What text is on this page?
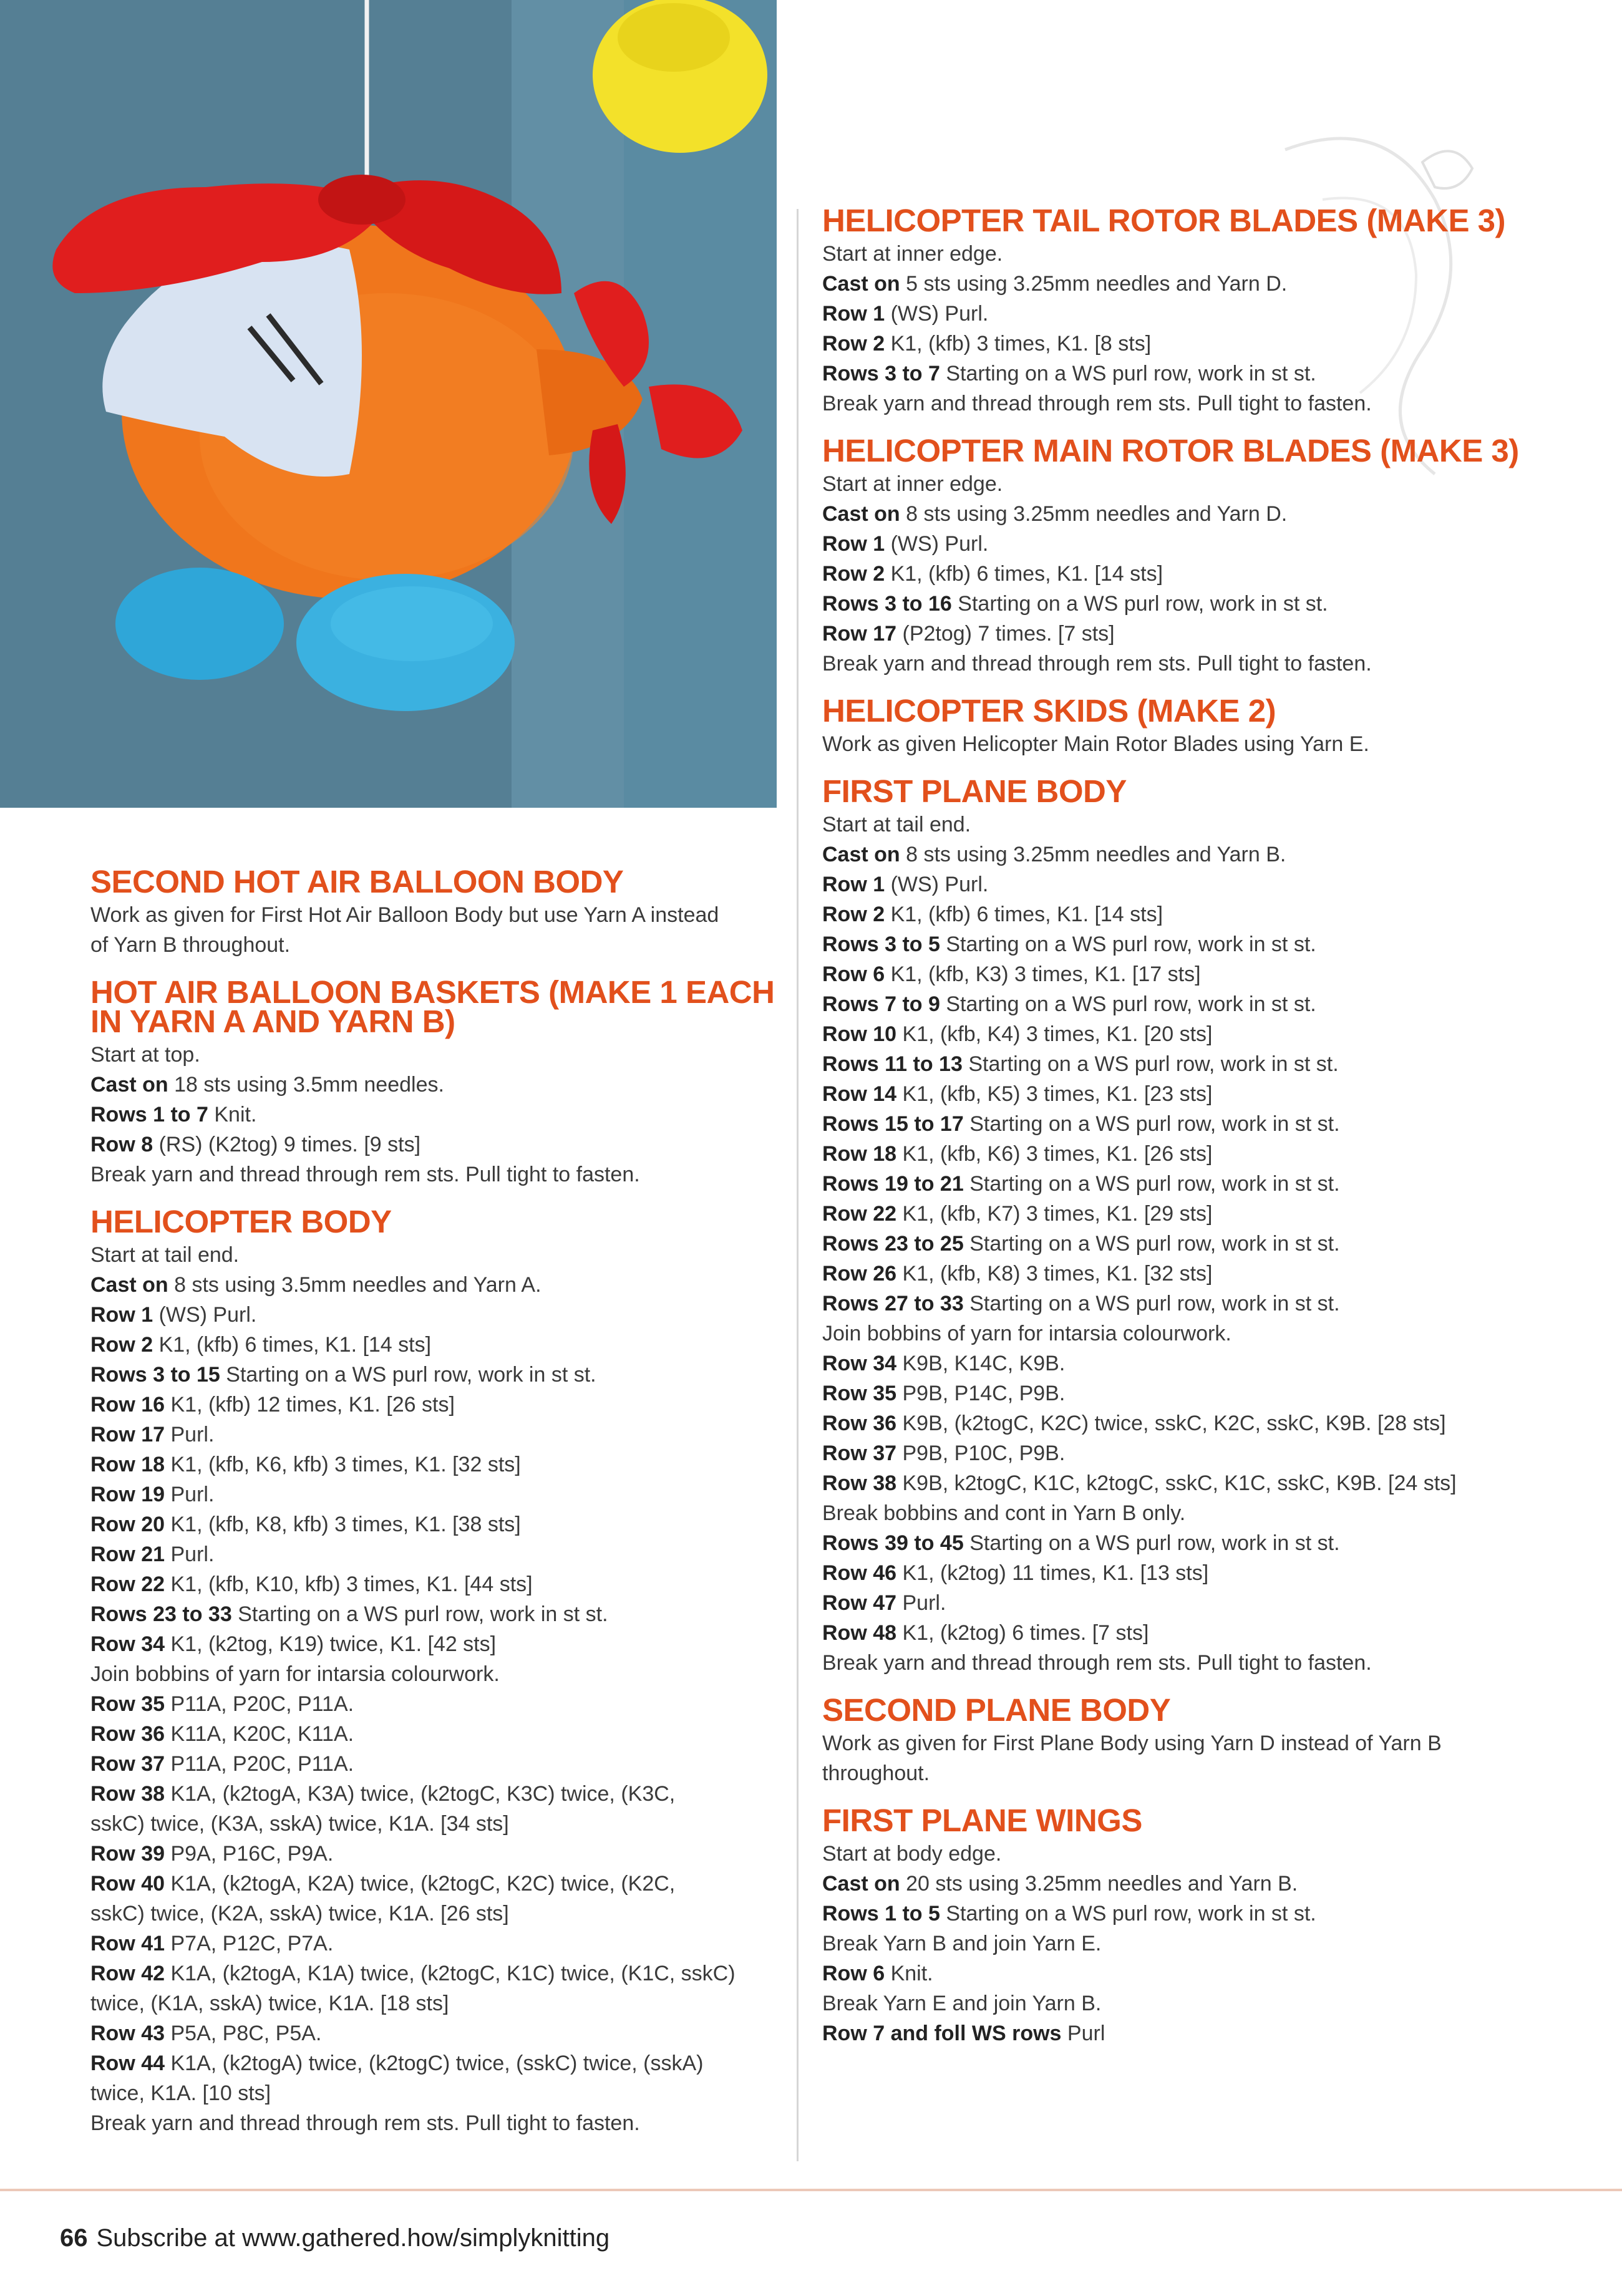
SECOND HOT AIR BALLOON BODY

Work as given for First Hot Air Balloon Body but use Yarn A instead

of Yarn B throughout.

HOT AIR BALLOON BASKETS (MAKE 1 EACH IN YARN A AND YARN B)

Start at top.

Cast on 18 sts using 3.5mm needles.

Rows 1 to 7 Knit.

Row 8 (RS) (K2tog) 9 times. [9 sts]

Break yarn and thread through rem sts. Pull tight to fasten.

HELICOPTER BODY

Start at tail end.

Cast on 8 sts using 3.5mm needles and Yarn A.

Row 1 (WS) Purl.

Row 2 K1, (kfb) 6 times, K1. [14 sts]

Rows 3 to 15 Starting on a WS purl row, work in st st.

Row 16 K1, (kfb) 12 times, K1. [26 sts]

Row 17 Purl.

Row 18 K1, (kfb, K6, kfb) 3 times, K1. [32 sts]

Row 19 Purl.

Row 20 K1, (kfb, K8, kfb) 3 times, K1. [38 sts]

Row 21 Purl.

Row 22 K1, (kfb, K10, kfb) 3 times, K1. [44 sts]

Rows 23 to 33 Starting on a WS purl row, work in st st.

Row 34 K1, (k2tog, K19) twice, K1. [42 sts]

Join bobbins of yarn for intarsia colourwork.

Row 35 P11A, P20C, P11A.

Row 36 K11A, K20C, K11A.

Row 37 P11A, P20C, P11A.

Row 38 K1A, (k2togA, K3A) twice, (k2togC, K3C) twice, (K3C,

sskC) twice, (K3A, sskA) twice, K1A. [34 sts]

Row 39 P9A, P16C, P9A.

Row 40 K1A, (k2togA, K2A) twice, (k2togC, K2C) twice, (K2C,

sskC) twice, (K2A, sskA) twice, K1A. [26 sts]

Row 41 P7A, P12C, P7A.

Row 42 K1A, (k2togA, K1A) twice, (k2togC, K1C) twice, (K1C, sskC)

twice, (K1A, sskA) twice, K1A. [18 sts]

Row 43 P5A, P8C, P5A.

Row 44 K1A, (k2togA) twice, (k2togC) twice, (sskC) twice, (sskA)

twice, K1A. [10 sts]

Break yarn and thread through rem sts. Pull tight to fasten.

HELICOPTER TAIL ROTOR BLADES (MAKE 3)

Start at inner edge.

Cast on 5 sts using 3.25mm needles and Yarn D.

Row 1 (WS) Purl.

Row 2 K1, (kfb) 3 times, K1. [8 sts]

Rows 3 to 7 Starting on a WS purl row, work in st st.

Break yarn and thread through rem sts. Pull tight to fasten.

HELICOPTER MAIN ROTOR BLADES (MAKE 3)

Start at inner edge.

Cast on 8 sts using 3.25mm needles and Yarn D.

Row 1 (WS) Purl.

Row 2 K1, (kfb) 6 times, K1. [14 sts]

Rows 3 to 16 Starting on a WS purl row, work in st st.

Row 17 (P2tog) 7 times. [7 sts]

Break yarn and thread through rem sts. Pull tight to fasten.

HELICOPTER SKIDS (MAKE 2)

Work as given Helicopter Main Rotor Blades using Yarn E.

FIRST PLANE BODY

Start at tail end.

Cast on 8 sts using 3.25mm needles and Yarn B.

Row 1 (WS) Purl.

Row 2 K1, (kfb) 6 times, K1. [14 sts]

Rows 3 to 5 Starting on a WS purl row, work in st st.

Row 6 K1, (kfb, K3) 3 times, K1. [17 sts]

Rows 7 to 9 Starting on a WS purl row, work in st st.

Row 10 K1, (kfb, K4) 3 times, K1. [20 sts]

Rows 11 to 13 Starting on a WS purl row, work in st st.

Row 14 K1, (kfb, K5) 3 times, K1. [23 sts]

Rows 15 to 17 Starting on a WS purl row, work in st st.

Row 18 K1, (kfb, K6) 3 times, K1. [26 sts]

Rows 19 to 21 Starting on a WS purl row, work in st st.

Row 22 K1, (kfb, K7) 3 times, K1. [29 sts]

Rows 23 to 25 Starting on a WS purl row, work in st st.

Row 26 K1, (kfb, K8) 3 times, K1. [32 sts]

Rows 27 to 33 Starting on a WS purl row, work in st st.

Join bobbins of yarn for intarsia colourwork.

Row 34 K9B, K14C, K9B.

Row 35 P9B, P14C, P9B.

Row 36 K9B, (k2togC, K2C) twice, sskC, K2C, sskC, K9B. [28 sts]

Row 37 P9B, P10C, P9B.

Row 38 K9B, k2togC, K1C, k2togC, sskC, K1C, sskC, K9B. [24 sts]

Break bobbins and cont in Yarn B only.

Rows 39 to 45 Starting on a WS purl row, work in st st.

Row 46 K1, (k2tog) 11 times, K1. [13 sts]

Row 47 Purl.

Row 48 K1, (k2tog) 6 times. [7 sts]

Break yarn and thread through rem sts. Pull tight to fasten.

SECOND PLANE BODY

Work as given for First Plane Body using Yarn D instead of Yarn B

throughout.

FIRST PLANE WINGS

Start at body edge.

Cast on 20 sts using 3.25mm needles and Yarn B.

Rows 1 to 5 Starting on a WS purl row, work in st st.

Break Yarn B and join Yarn E.

Row 6 Knit.

Break Yarn E and join Yarn B.

Row 7 and foll WS rows Purl

66 Subscribe at www.gathered.how/simplyknitting
